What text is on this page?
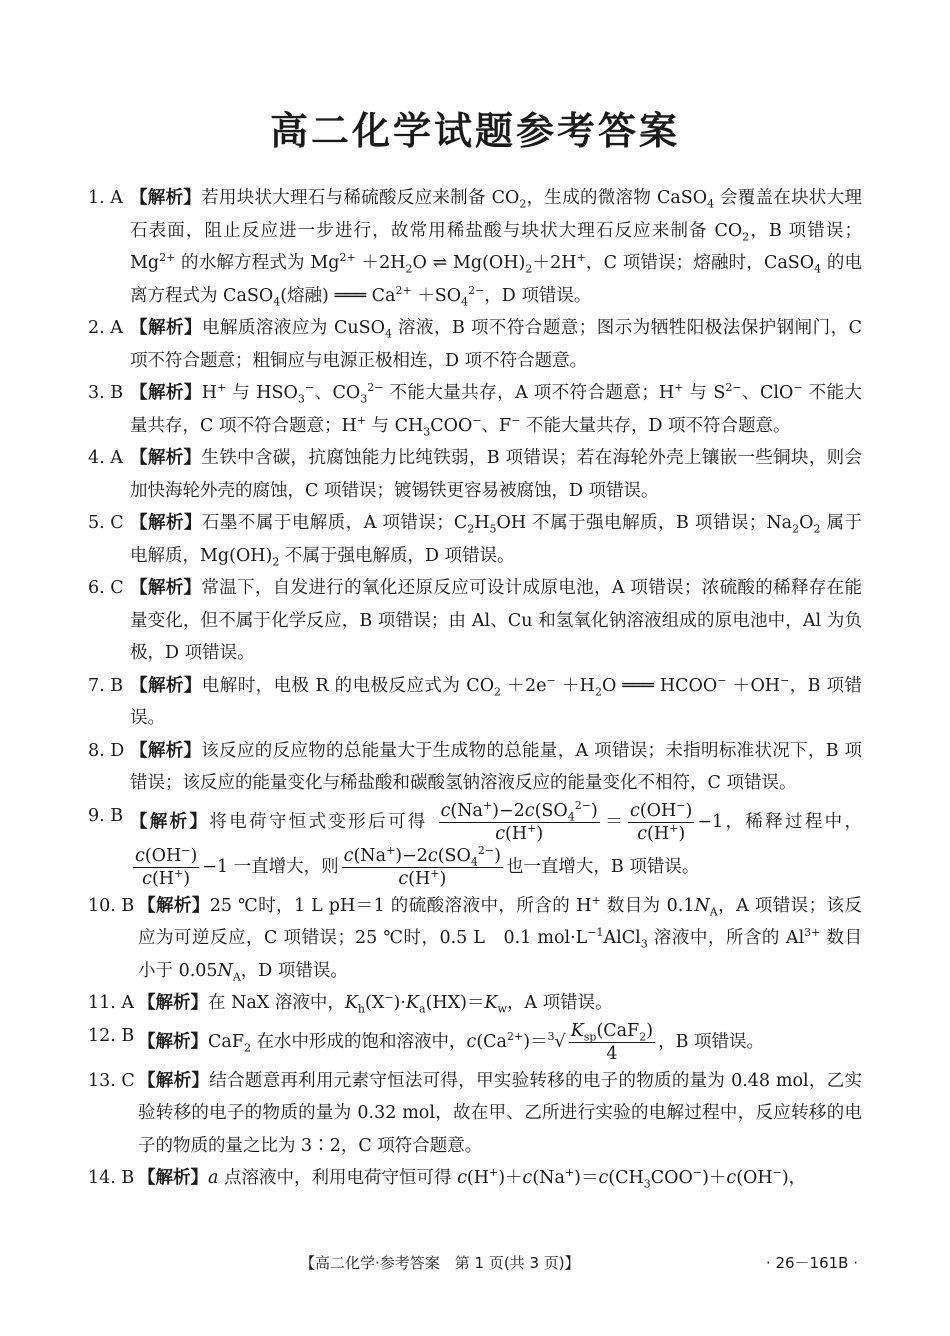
高二化学试题参考答案
1. A 【解析】若用块状大理石与稀硫酸反应来制备 $CO_2$，生成的微溶物 CaSO$_4$ 会覆盖在块状大理石表面，阻止反应进一步进行，故常用稀盐酸与块状大理石反应来制备 $CO_2$，B 项错误；$Mg^{2+}$ 的水解方程式为 $Mg^{2+} +2H_2O$ ⇌ $Mg(OH)_2+2H^+$，C 项错误；熔融时，CaSO$_4$ 的电离方程式为 CaSO$_4$(熔融) ═══ $Ca^{2+} +SO_4^{2-}$，D 项错误。
2. A 【解析】电解质溶液应为 CuSO$_4$ 溶液，B 项不符合题意；图示为牺牲阳极法保护钢闸门，C 项不符合题意；粗铜应与电源正极相连，D 项不符合题意。
3. B 【解析】H+ 与 $HSO_3^-$、$CO_3^{2-}$ 不能大量共存，A 项不符合题意；H+ 与 $S^{2-}$、ClO− 不能大量共存，C 项不符合题意；H+ 与 $CH_3COO^-$、F− 不能大量共存，D 项不符合题意。
4. A 【解析】生铁中含碳，抗腐蚀能力比纯铁弱，B 项错误；若在海轮外壳上镶嵌一些铜块，则会加快海轮外壳的腐蚀，C 项错误；镀锡铁更容易被腐蚀，D 项错误。
5. C 【解析】石墨不属于电解质，A 项错误；$C_2H_5OH$ 不属于强电解质，B 项错误；$Na_2O_2$ 属于电解质，$Mg(OH)_2$ 不属于强电解质，D 项错误。
6. C 【解析】常温下，自发进行的氧化还原反应可设计成原电池，A 项错误；浓硫酸的稀释存在能量变化，但不属于化学反应，B 项错误；由 Al、Cu 和氢氧化钠溶液组成的原电池中，Al 为负极，D 项错误。
7. B 【解析】电解时，电极 R 的电极反应式为 $CO_2 +2e^- +H_2O$ ═══ HCOO− ＋OH−，B 项错误。
8. D 【解析】该反应的反应物的总能量大于生成物的总能量，A 项错误；未指明标准状况下，B 项错误；该反应的能量变化与稀盐酸和碳酸氢钠溶液反应的能量变化不相符，C 项错误。
9. B 【解析】将电荷守恒式变形后可得 $\frac{c(Na^+)-2c(SO_4^{2-})}{c(H^+)} = \frac{c(OH^-)}{c(H^+)} -1$，稀释过程中，
$\frac{c(OH^-)}{c(H^+)} -1$ 一直增大，则 $\frac{c(Na^+)-2c(SO_4^{2-})}{c(H^+)}$ 也一直增大，B 项错误。
10. B 【解析】25 ℃时，1 L pH＝1 的硫酸溶液中，所含的 H+ 数目为 $0.1N_A$，A 项错误；该反应为可逆反应，C 项错误；25 ℃时，0.5 L　0.1 $mol\cdot L^{-1}AlCl_3$ 溶液中，所含的 $Al^{3+}$ 数目小于 $0.05N_A$，D 项错误。
11. A 【解析】在 NaX 溶液中，$K_h(X^-)\cdot K_a(HX)=K_w$，A 项错误。
12. B 【解析】CaF$_2$ 在水中形成的饱和溶液中，$c(Ca^{2+})=^3√ \frac{K_{sp}(CaF_2)}{4}$ ，B 项错误。
13. C 【解析】结合题意再利用元素守恒法可得，甲实验转移的电子的物质的量为 0.48 mol，乙实验转移的电子的物质的量为 0.32 mol，故在甲、乙所进行实验的电解过程中，反应转移的电子的物质的量之比为 3∶2，C 项符合题意。
14. B 【解析】a 点溶液中，利用电荷守恒可得 $c(H^+)+c(Na^+)=c(CH_3COO^-)+c(OH^-)$，
【高二化学·参考答案　第 1 页(共 3 页)】	· 26－161B ·
